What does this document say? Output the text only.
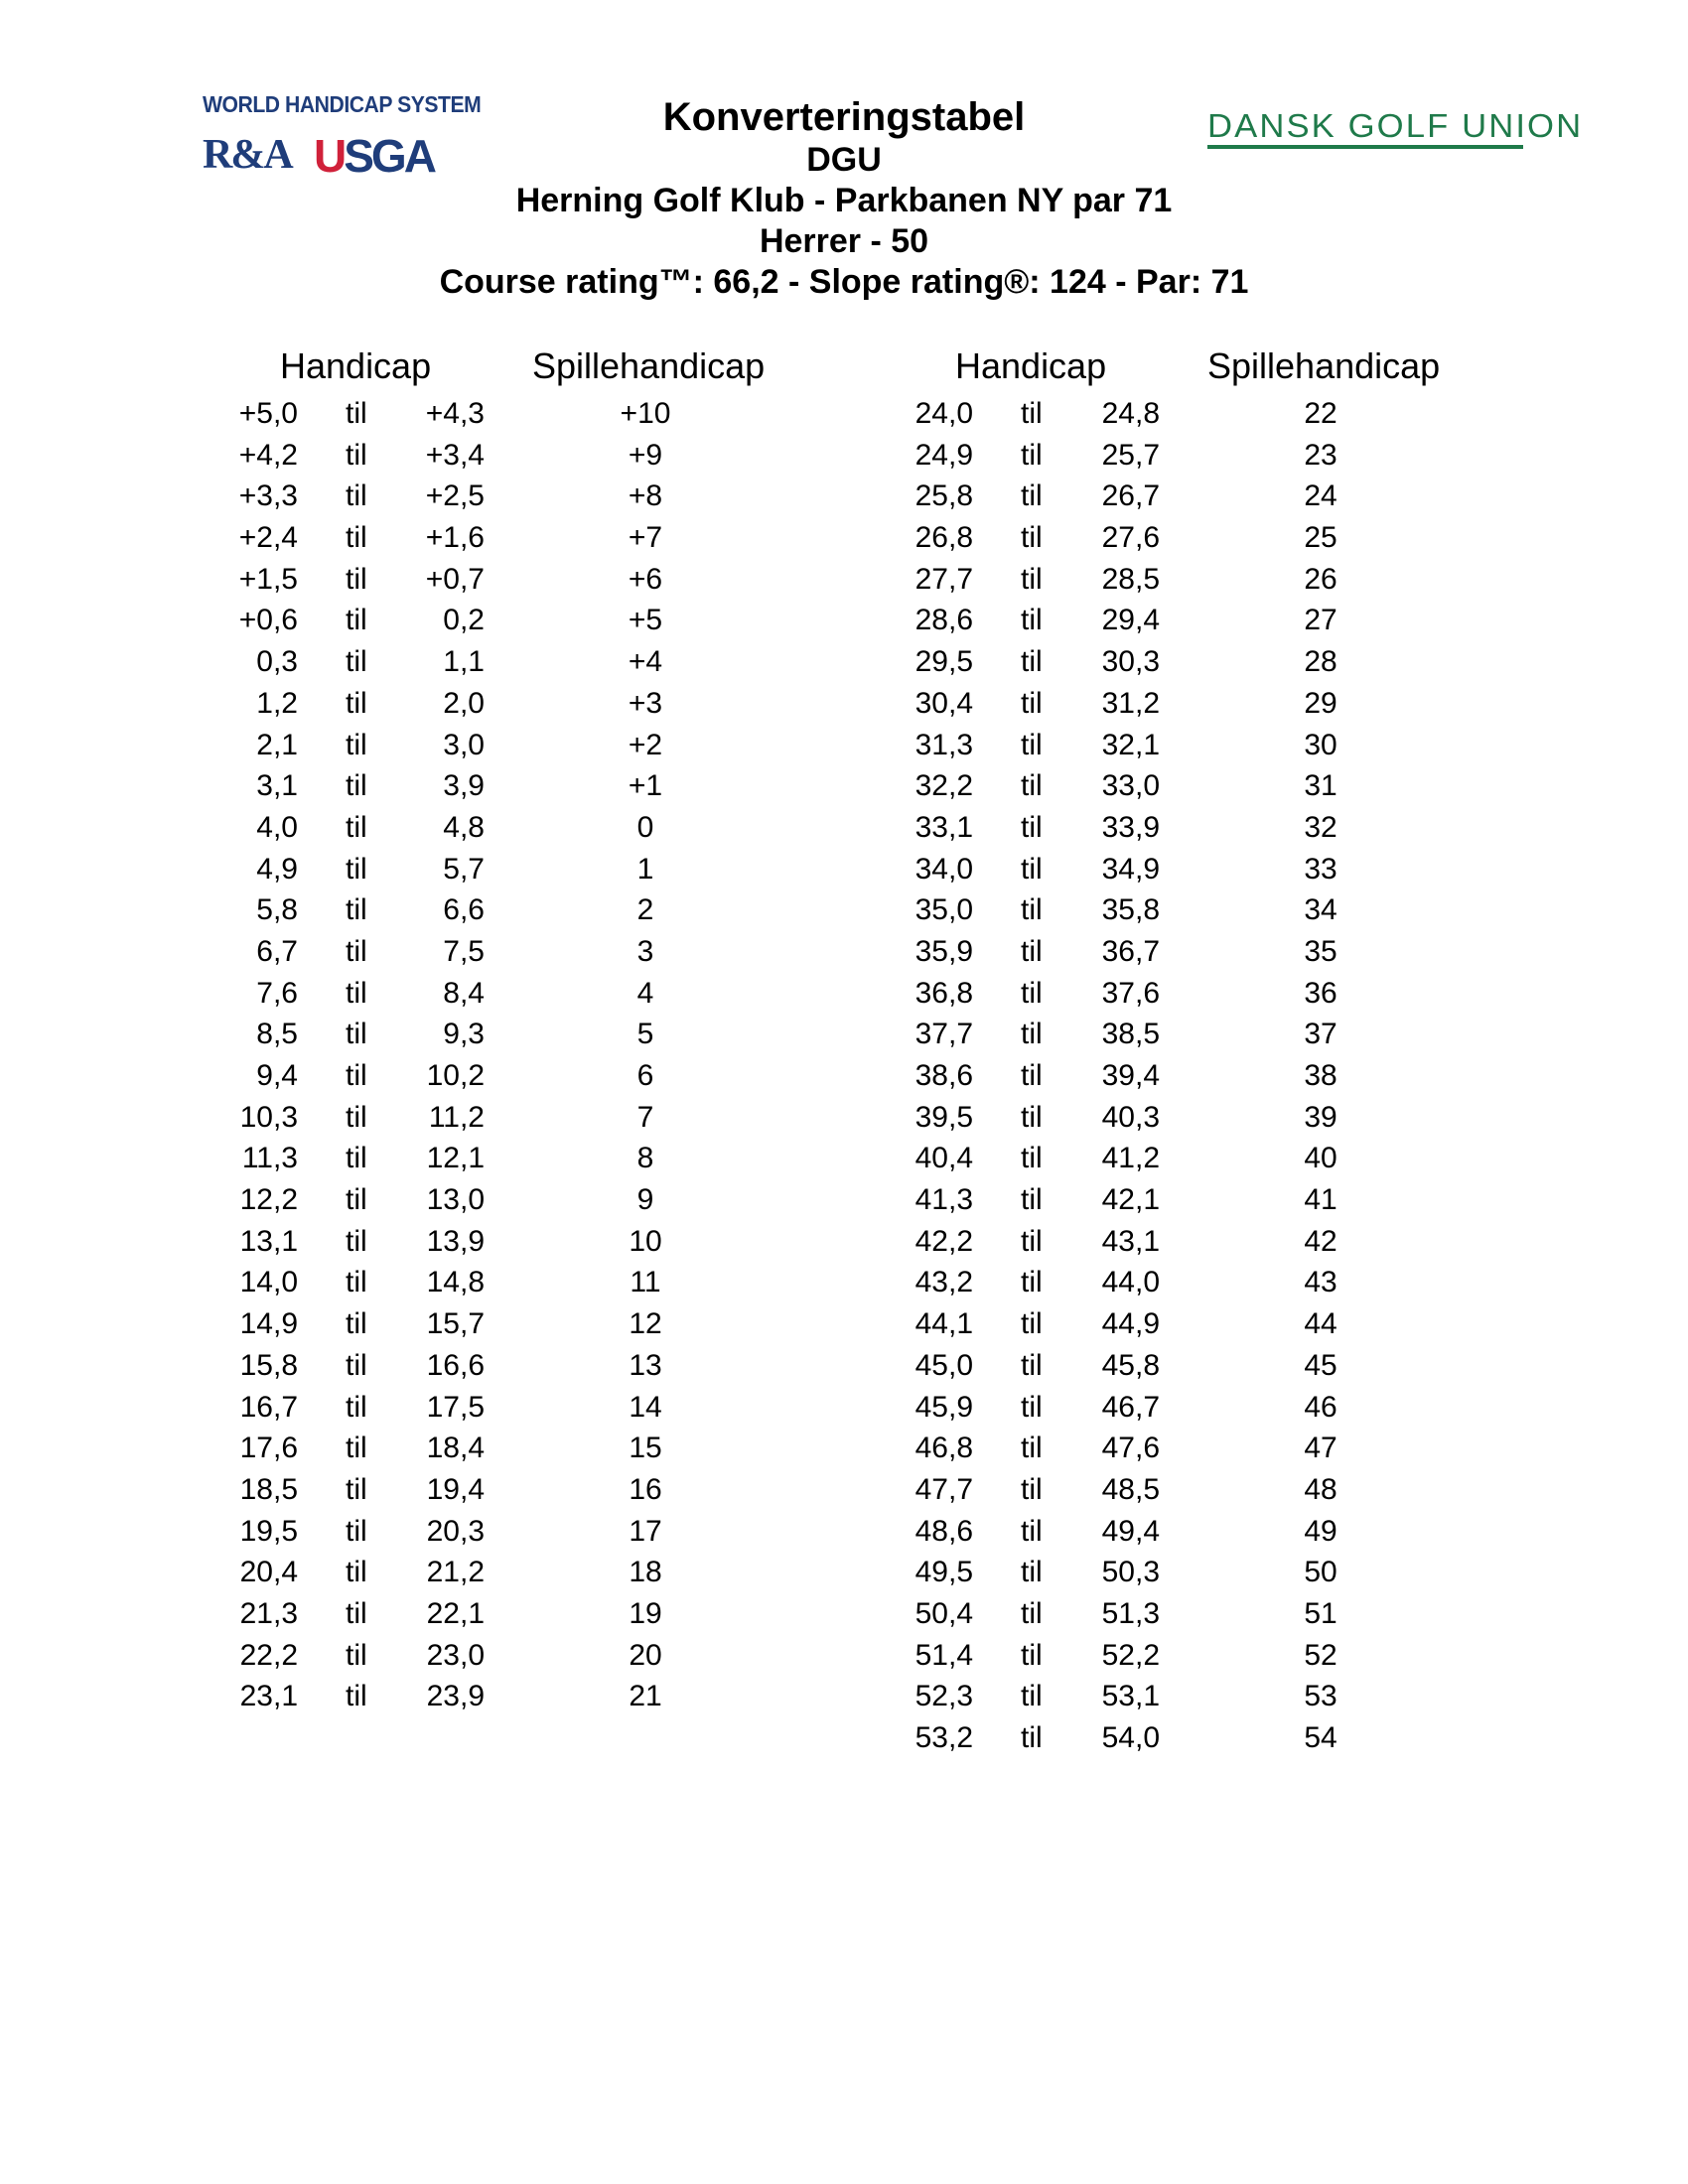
WORLD HANDICAP SYSTEM
R&A USGA
DANSK GOLF UNION
Konverteringstabel
DGU
Herning Golf Klub - Parkbanen NY par 71
Herrer - 50
Course rating™: 66,2 - Slope rating®: 124 - Par: 71
Handicap	Spillehandicap
+5,0 til	+4,3	+10
+4,2 til	+3,4	+9
+3,3 til	+2,5	+8
+2,4 til	+1,6	+7
+1,5 til	+0,7	+6
+0,6 til	0,2	+5
0,3 til	1,1	+4
1,2 til	2,0	+3
2,1 til	3,0	+2
3,1 til	3,9	+1
4,0 til	4,8	0
4,9 til	5,7	1
5,8 til	6,6	2
6,7 til	7,5	3
7,6 til	8,4	4
8,5 til	9,3	5
9,4 til	10,2	6
10,3 til	11,2	7
11,3 til	12,1	8
12,2 til	13,0	9
13,1 til	13,9	10
14,0 til	14,8	11
14,9 til	15,7	12
15,8 til	16,6	13
16,7 til	17,5	14
17,6 til	18,4	15
18,5 til	19,4	16
19,5 til	20,3	17
20,4 til	21,2	18
21,3 til	22,1	19
22,2 til	23,0	20
23,1 til	23,9	21
Handicap	Spillehandicap
24,0 til	24,8	22
24,9 til	25,7	23
25,8 til	26,7	24
26,8 til	27,6	25
27,7 til	28,5	26
28,6 til	29,4	27
29,5 til	30,3	28
30,4 til	31,2	29
31,3 til	32,1	30
32,2 til	33,0	31
33,1 til	33,9	32
34,0 til	34,9	33
35,0 til	35,8	34
35,9 til	36,7	35
36,8 til	37,6	36
37,7 til	38,5	37
38,6 til	39,4	38
39,5 til	40,3	39
40,4 til	41,2	40
41,3 til	42,1	41
42,2 til	43,1	42
43,2 til	44,0	43
44,1 til	44,9	44
45,0 til	45,8	45
45,9 til	46,7	46
46,8 til	47,6	47
47,7 til	48,5	48
48,6 til	49,4	49
49,5 til	50,3	50
50,4 til	51,3	51
51,4 til	52,2	52
52,3 til	53,1	53
53,2 til	54,0	54
